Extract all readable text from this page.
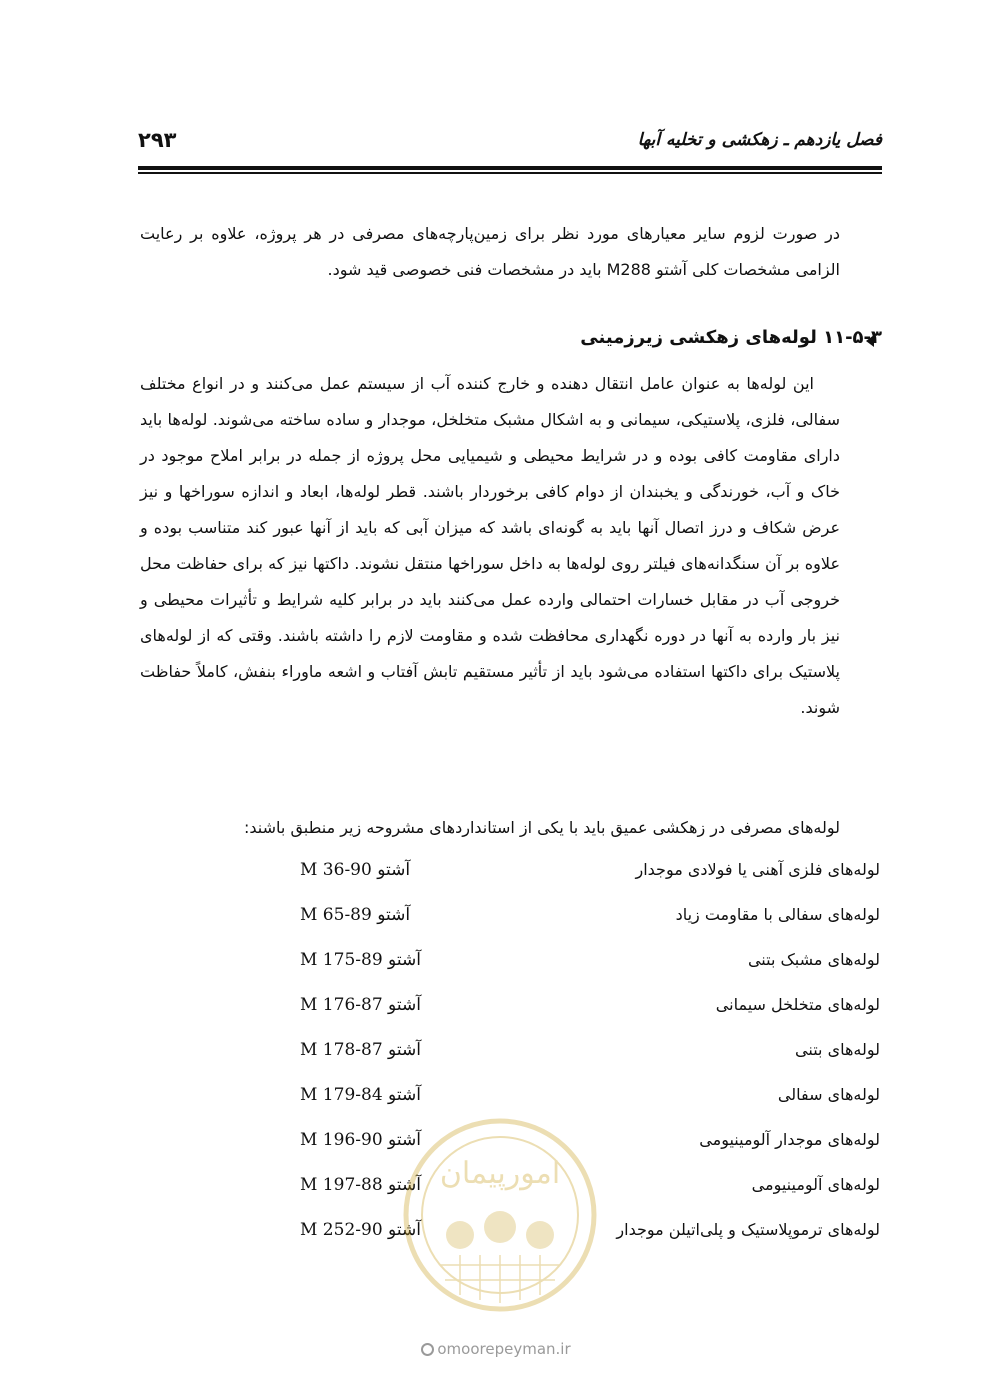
فصل یازدهم ـ زهکشی و تخلیه آبها
۲۹۳

در صورت لزوم سایر معیارهای مورد نظر برای زمین‌پارچه‌های مصرفی در هر پروژه، علاوه بر رعایت الزامی مشخصات کلی آشتو M288 باید در مشخصات فنی خصوصی قید شود.

۱۱-۵-۳ لوله‌های زهکشی زیرزمینی

این لوله‌ها به عنوان عامل انتقال دهنده و خارج کننده آب از سیستم عمل می‌کنند و در انواع مختلف سفالی، فلزی، پلاستیکی، سیمانی و به اشکال مشبک متخلخل، موجدار و ساده ساخته می‌شوند. لوله‌ها باید دارای مقاومت کافی بوده و در شرایط محیطی و شیمیایی محل پروژه از جمله در برابر املاح موجود در خاک و آب، خورندگی و یخبندان از دوام کافی برخوردار باشند. قطر لوله‌ها، ابعاد و اندازه سوراخها و نیز عرض شکاف و درز اتصال آنها باید به گونه‌ای باشد که میزان آبی که باید از آنها عبور کند متناسب بوده و علاوه بر آن سنگدانه‌های فیلتر روی لوله‌ها به داخل سوراخها منتقل نشوند. داکتها نیز که برای حفاظت محل خروجی آب در مقابل خسارات احتمالی وارده عمل می‌کنند باید در برابر کلیه شرایط و تأثیرات محیطی و نیز بار وارده به آنها در دوره نگهداری محافظت شده و مقاومت لازم را داشته باشند. وقتی که از لوله‌های پلاستیک برای داکتها استفاده می‌شود باید از تأثیر مستقیم تابش آفتاب و اشعه ماوراء بنفش، کاملاً حفاظت شوند.

لوله‌های مصرفی در زهکشی عمیق باید با یکی از استانداردهای مشروحه زیر منطبق باشند:

لوله‌های فلزی آهنی یا فولادی موجدار
آشتو M 36-90
لوله‌های سفالی با مقاومت زیاد
آشتو M 65-89
لوله‌های مشبک بتنی
آشتو M 175-89
لوله‌های متخلخل سیمانی
آشتو M 176-87
لوله‌های بتنی
آشتو M 178-87
لوله‌های سفالی
آشتو M 179-84
لوله‌های موجدار آلومینیومی
آشتو M 196-90
لوله‌های آلومینیومی
آشتو M 197-88
لوله‌های ترموپلاستیک و پلی‌اتیلن موجدار
آشتو M 252-90
امورپیمان
omoorepeyman.ir
